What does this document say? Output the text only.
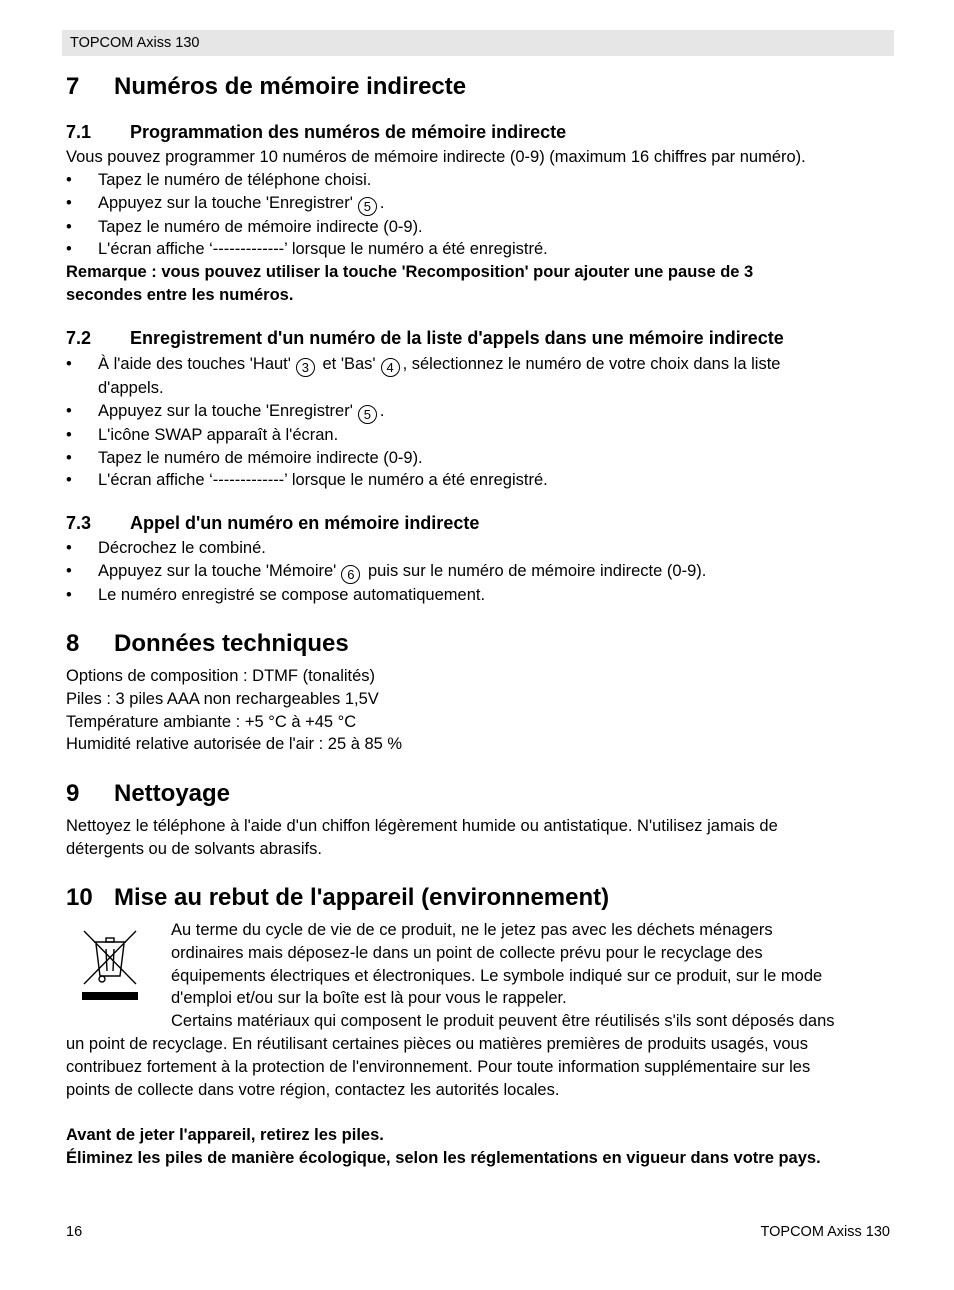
TOPCOM Axiss 130
7 Numéros de mémoire indirecte
7.1 Programmation des numéros de mémoire indirecte

Vous pouvez programmer 10 numéros de mémoire indirecte (0-9) (maximum 16 chiffres par numéro).

• Tapez le numéro de téléphone choisi.
• Appuyez sur la touche 'Enregistrer' 5 .
• Tapez le numéro de mémoire indirecte (0-9).
• L'écran affiche ‘-------------’ lorsque le numéro a été enregistré.

Remarque : vous pouvez utiliser la touche 'Recomposition' pour ajouter une pause de 3

secondes entre les numéros.

7.2 Enregistrement d'un numéro de la liste d'appels dans une mémoire indirecte
• À l'aide des touches 'Haut' 3 et 'Bas' 4 , sélectionnez le numéro de votre choix dans la liste
d'appels.
• Appuyez sur la touche 'Enregistrer' 5 .
• L'icône SWAP apparaît à l'écran.
• Tapez le numéro de mémoire indirecte (0-9).
• L'écran affiche ‘-------------’ lorsque le numéro a été enregistré.
7.3 Appel d'un numéro en mémoire indirecte
• Décrochez le combiné.
• Appuyez sur la touche 'Mémoire' 6 puis sur le numéro de mémoire indirecte (0-9).
• Le numéro enregistré se compose automatiquement.
8 Données techniques

Options de composition : DTMF (tonalités)

Piles : 3 piles AAA non rechargeables 1,5V

Température ambiante : +5 °C à +45 °C

Humidité relative autorisée de l'air : 25 à 85 %

9 Nettoyage

Nettoyez le téléphone à l'aide d'un chiffon légèrement humide ou antistatique. N'utilisez jamais de

détergents ou de solvants abrasifs.

10 Mise au rebut de l'appareil (environnement)

Au terme du cycle de vie de ce produit, ne le jetez pas avec les déchets ménagers

ordinaires mais déposez-le dans un point de collecte prévu pour le recyclage des

équipements électriques et électroniques. Le symbole indiqué sur ce produit, sur le mode

d'emploi et/ou sur la boîte est là pour vous le rappeler.

Certains matériaux qui composent le produit peuvent être réutilisés s'ils sont déposés dans

un point de recyclage. En réutilisant certaines pièces ou matières premières de produits usagés, vous

contribuez fortement à la protection de l'environnement. Pour toute information supplémentaire sur les

points de collecte dans votre région, contactez les autorités locales.

Avant de jeter l'appareil, retirez les piles.

Éliminez les piles de manière écologique, selon les réglementations en vigueur dans votre pays.

16	TOPCOM Axiss 130
